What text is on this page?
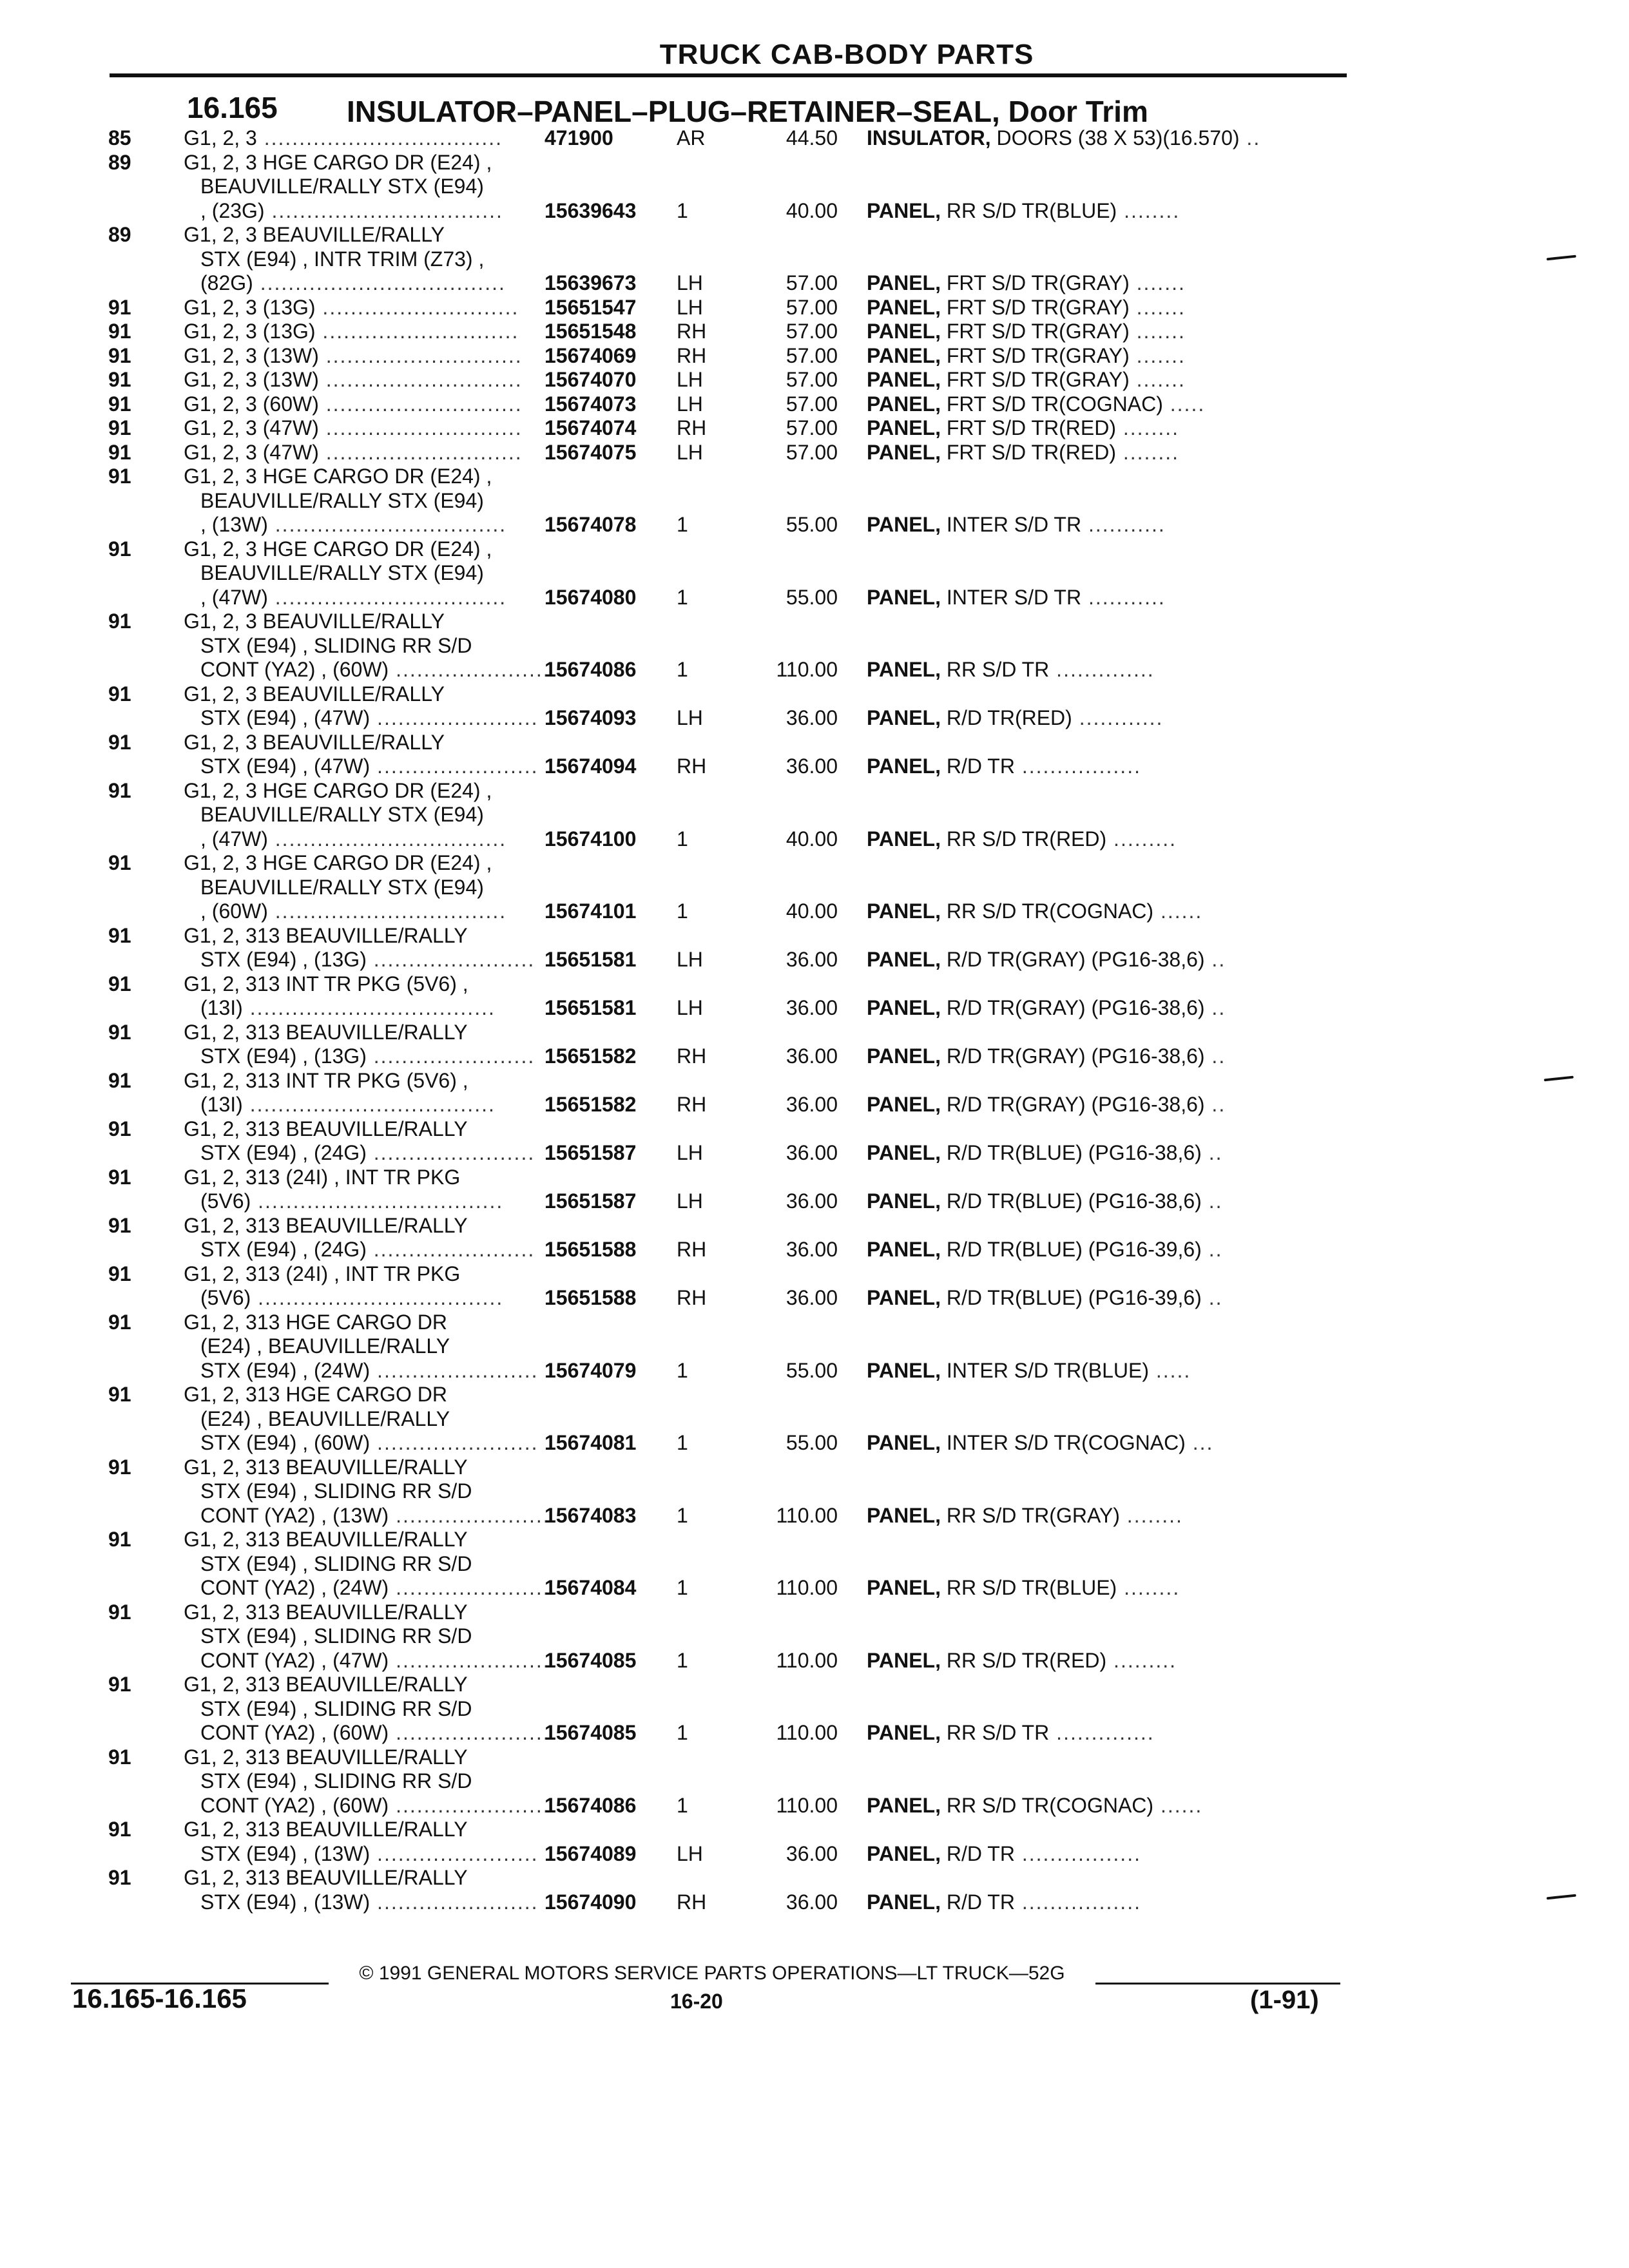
TRUCK CAB-BODY PARTS
16.165 INSULATOR–PANEL–PLUG–RETAINER–SEAL, Door Trim
85	G1, 2, 3 ..................................	471900	AR	44.50 INSULATOR, DOORS (38 X 53)(16.570) ..
89	G1, 2, 3 HGE CARGO DR (E24) ,
BEAUVILLE/RALLY STX (E94)
, (23G) .................................	15639643 1	40.00 PANEL, RR S/D TR(BLUE) ........
89	G1, 2, 3 BEAUVILLE/RALLY
STX (E94) , INTR TRIM (Z73) ,
(82G) ...................................	15639673 LH	57.00 PANEL, FRT S/D TR(GRAY) .......
91	G1, 2, 3 (13G) ............................	15651547 LH	57.00 PANEL, FRT S/D TR(GRAY) .......
91	G1, 2, 3 (13G) ............................	15651548 RH	57.00 PANEL, FRT S/D TR(GRAY) .......
91	G1, 2, 3 (13W) ............................	15674069 RH	57.00 PANEL, FRT S/D TR(GRAY) .......
91	G1, 2, 3 (13W) ............................	15674070 LH	57.00 PANEL, FRT S/D TR(GRAY) .......
91	G1, 2, 3 (60W) ............................	15674073 LH	57.00 PANEL, FRT S/D TR(COGNAC) .....
91	G1, 2, 3 (47W) ............................	15674074 RH	57.00 PANEL, FRT S/D TR(RED) ........
91	G1, 2, 3 (47W) ............................	15674075 LH	57.00 PANEL, FRT S/D TR(RED) ........
91	G1, 2, 3 HGE CARGO DR (E24) ,
BEAUVILLE/RALLY STX (E94)
, (13W) .................................	15674078 1	55.00 PANEL, INTER S/D TR ...........
91	G1, 2, 3 HGE CARGO DR (E24) ,
BEAUVILLE/RALLY STX (E94)
, (47W) .................................	15674080 1	55.00 PANEL, INTER S/D TR ...........
91	G1, 2, 3 BEAUVILLE/RALLY
STX (E94) , SLIDING RR S/D
CONT (YA2) , (60W) ......................
15674086 1	110.00 PANEL, RR S/D TR ..............
91	G1, 2, 3 BEAUVILLE/RALLY
STX (E94) , (47W) ....................... 15674093 LH	36.00 PANEL, R/D TR(RED) ............
91	G1, 2, 3 BEAUVILLE/RALLY
STX (E94) , (47W) ....................... 15674094 RH	36.00 PANEL, R/D TR .................
91	G1, 2, 3 HGE CARGO DR (E24) ,
BEAUVILLE/RALLY STX (E94)
, (47W) .................................	15674100 1	40.00 PANEL, RR S/D TR(RED) .........
91	G1, 2, 3 HGE CARGO DR (E24) ,
BEAUVILLE/RALLY STX (E94)
, (60W) .................................	15674101 1	40.00 PANEL, RR S/D TR(COGNAC) ......
91	G1, 2, 313 BEAUVILLE/RALLY
STX (E94) , (13G) ....................... 15651581 LH	36.00 PANEL, R/D TR(GRAY) (PG16-38,6) ..
91	G1, 2, 313 INT TR PKG (5V6) ,
(13I) ...................................	15651581 LH	36.00 PANEL, R/D TR(GRAY) (PG16-38,6) ..
91	G1, 2, 313 BEAUVILLE/RALLY
STX (E94) , (13G) ....................... 15651582 RH	36.00 PANEL, R/D TR(GRAY) (PG16-38,6) ..
91	G1, 2, 313 INT TR PKG (5V6) ,
(13I) ...................................	15651582 RH	36.00 PANEL, R/D TR(GRAY) (PG16-38,6) ..
91	G1, 2, 313 BEAUVILLE/RALLY
STX (E94) , (24G) ....................... 15651587 LH	36.00 PANEL, R/D TR(BLUE) (PG16-38,6) ..
91	G1, 2, 313 (24I) , INT TR PKG
(5V6) ...................................	15651587 LH	36.00 PANEL, R/D TR(BLUE) (PG16-38,6) ..
91	G1, 2, 313 BEAUVILLE/RALLY
STX (E94) , (24G) ....................... 15651588 RH	36.00 PANEL, R/D TR(BLUE) (PG16-39,6) ..
91	G1, 2, 313 (24I) , INT TR PKG
(5V6) ...................................	15651588 RH	36.00 PANEL, R/D TR(BLUE) (PG16-39,6) ..
91	G1, 2, 313 HGE CARGO DR
(E24) , BEAUVILLE/RALLY
STX (E94) , (24W) ....................... 15674079 1	55.00 PANEL, INTER S/D TR(BLUE) .....
91	G1, 2, 313 HGE CARGO DR
(E24) , BEAUVILLE/RALLY
STX (E94) , (60W) ....................... 15674081 1	55.00 PANEL, INTER S/D TR(COGNAC) ...
91	G1, 2, 313 BEAUVILLE/RALLY
STX (E94) , SLIDING RR S/D
CONT (YA2) , (13W) ......................
15674083 1	110.00 PANEL, RR S/D TR(GRAY) ........
91	G1, 2, 313 BEAUVILLE/RALLY
STX (E94) , SLIDING RR S/D
CONT (YA2) , (24W) ......................
15674084 1	110.00 PANEL, RR S/D TR(BLUE) ........
91	G1, 2, 313 BEAUVILLE/RALLY
STX (E94) , SLIDING RR S/D
CONT (YA2) , (47W) ......................
15674085 1	110.00 PANEL, RR S/D TR(RED) .........
91	G1, 2, 313 BEAUVILLE/RALLY
STX (E94) , SLIDING RR S/D
CONT (YA2) , (60W) ......................
15674085 1	110.00 PANEL, RR S/D TR ..............
91	G1, 2, 313 BEAUVILLE/RALLY
STX (E94) , SLIDING RR S/D
CONT (YA2) , (60W) ......................
15674086 1	110.00 PANEL, RR S/D TR(COGNAC) ......
91	G1, 2, 313 BEAUVILLE/RALLY
STX (E94) , (13W) ....................... 15674089 LH	36.00 PANEL, R/D TR .................
91	G1, 2, 313 BEAUVILLE/RALLY
STX (E94) , (13W) ....................... 15674090 RH	36.00 PANEL, R/D TR .................
© 1991 GENERAL MOTORS SERVICE PARTS OPERATIONS—LT TRUCK—52G
16.165-16.165	16-20	(1-91)
